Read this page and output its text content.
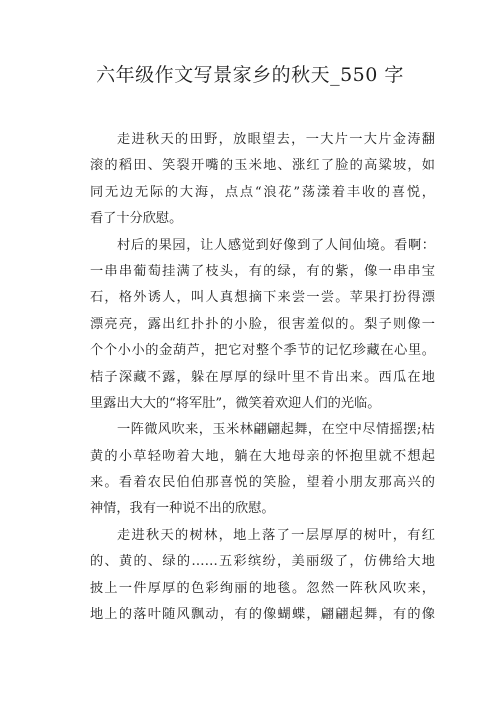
六年级作文写景家乡的秋天_550 字
走进秋天的田野，放眼望去，一大片一大片金涛翻
滚的稻田、笑裂开嘴的玉米地、涨红了脸的高粱坡，如
同无边无际的大海，点点“浪花”荡漾着丰收的喜悦，
看了十分欣慰。
村后的果园，让人感觉到好像到了人间仙境。看啊：
一串串葡萄挂满了枝头，有的绿，有的紫，像一串串宝
石，格外诱人，叫人真想摘下来尝一尝。苹果打扮得漂
漂亮亮，露出红扑扑的小脸，很害羞似的。梨子则像一
个个小小的金葫芦，把它对整个季节的记忆珍藏在心里。
桔子深藏不露，躲在厚厚的绿叶里不肯出来。西瓜在地
里露出大大的“将军肚”，微笑着欢迎人们的光临。
一阵微风吹来，玉米林翩翩起舞，在空中尽情摇摆;枯
黄的小草轻吻着大地，躺在大地母亲的怀抱里就不想起
来。看着农民伯伯那喜悦的笑脸，望着小朋友那高兴的
神情，我有一种说不出的欣慰。
走进秋天的树林，地上落了一层厚厚的树叶，有红
的、黄的、绿的……五彩缤纷，美丽级了，仿佛给大地
披上一件厚厚的色彩绚丽的地毯。忽然一阵秋风吹来，
地上的落叶随风飘动，有的像蝴蝶，翩翩起舞，有的像
